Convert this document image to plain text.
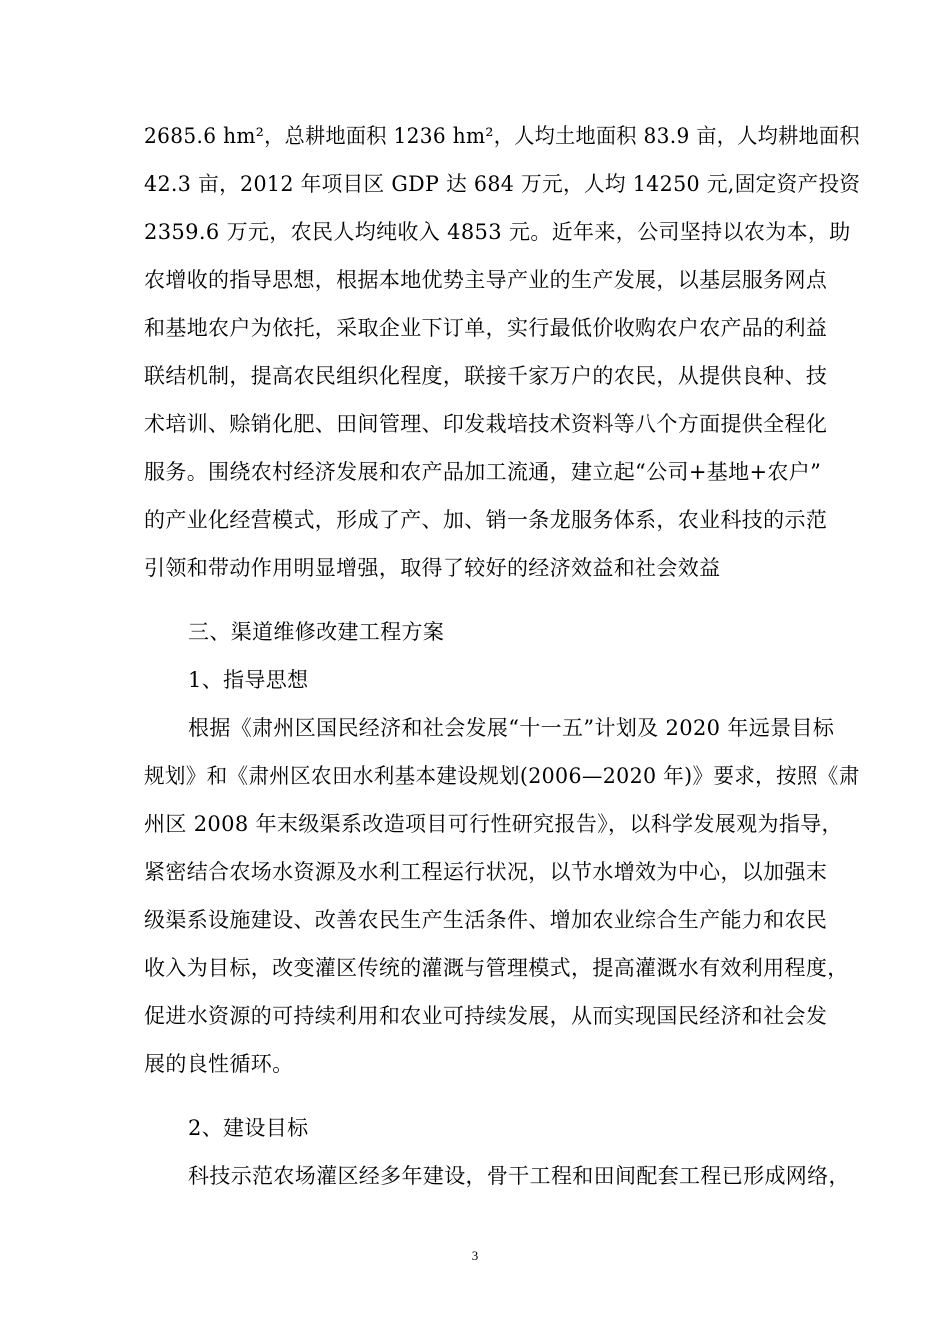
2685.6 hm²，总耕地面积 1236 hm²，人均土地面积 83.9 亩，人均耕地面积
42.3 亩，2012 年项目区 GDP 达 684 万元，人均 14250 元,固定资产投资
2359.6 万元，农民人均纯收入 4853 元。近年来，公司坚持以农为本，助
农增收的指导思想，根据本地优势主导产业的生产发展，以基层服务网点
和基地农户为依托，采取企业下订单，实行最低价收购农户农产品的利益
联结机制，提高农民组织化程度，联接千家万户的农民，从提供良种、技
术培训、赊销化肥、田间管理、印发栽培技术资料等八个方面提供全程化
服务。围绕农村经济发展和农产品加工流通，建立起“公司+基地+农户”
的产业化经营模式，形成了产、加、销一条龙服务体系，农业科技的示范
引领和带动作用明显增强，取得了较好的经济效益和社会效益
三、渠道维修改建工程方案
1、指导思想
根据《肃州区国民经济和社会发展“十一五”计划及 2020 年远景目标
规划》和《肃州区农田水利基本建设规划(2006—2020 年)》要求，按照《肃
州区 2008 年末级渠系改造项目可行性研究报告》，以科学发展观为指导，
紧密结合农场水资源及水利工程运行状况，以节水增效为中心，以加强末
级渠系设施建设、改善农民生产生活条件、增加农业综合生产能力和农民
收入为目标，改变灌区传统的灌溉与管理模式，提高灌溉水有效利用程度，
促进水资源的可持续利用和农业可持续发展，从而实现国民经济和社会发
展的良性循环。
2、建设目标
科技示范农场灌区经多年建设，骨干工程和田间配套工程已形成网络，
3
